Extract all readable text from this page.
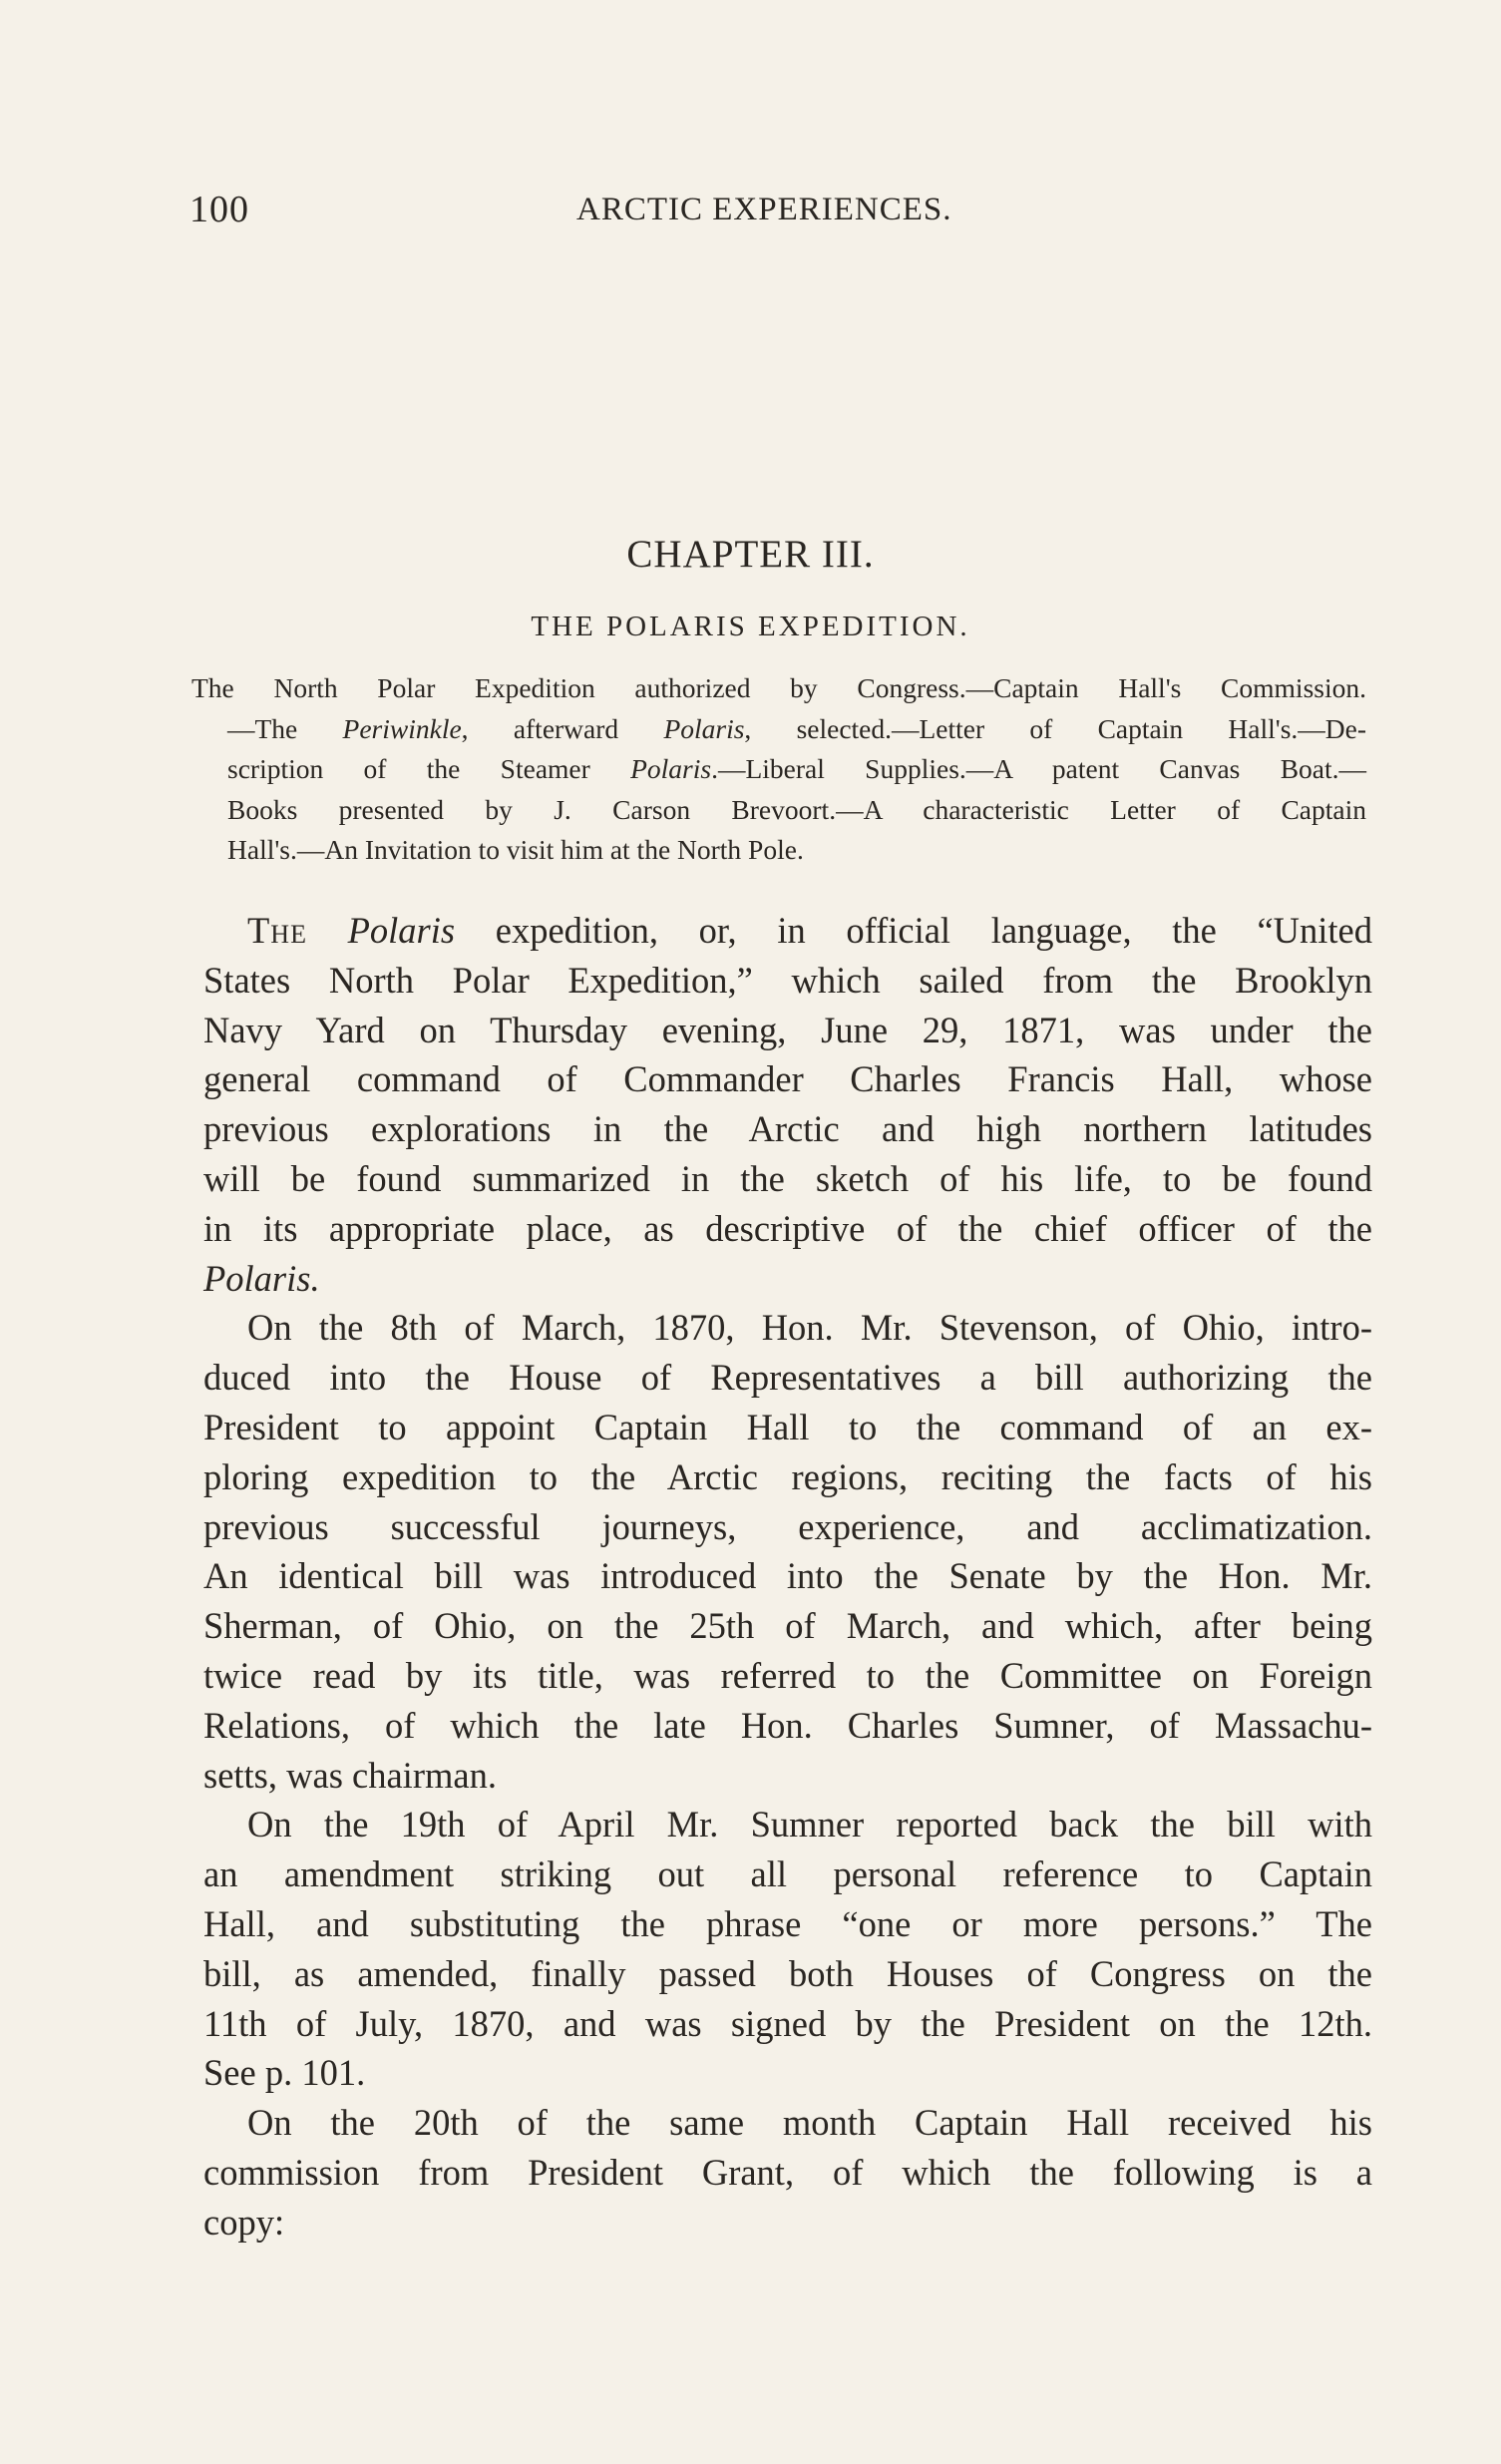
100	ARCTIC EXPERIENCES.
CHAPTER III.
THE POLARIS EXPEDITION.
The North Polar Expedition authorized by Congress.—Captain Hall's Commission.
—The Periwinkle, afterward Polaris, selected.—Letter of Captain Hall's.—De-
scription of the Steamer Polaris.—Liberal Supplies.—A patent Canvas Boat.—
Books presented by J. Carson Brevoort.—A characteristic Letter of Captain
Hall's.—An Invitation to visit him at the North Pole.
The Polaris expedition, or, in official language, the “United
States North Polar Expedition,” which sailed from the Brooklyn
Navy Yard on Thursday evening, June 29, 1871, was under the
general command of Commander Charles Francis Hall, whose
previous explorations in the Arctic and high northern latitudes
will be found summarized in the sketch of his life, to be found
in its appropriate place, as descriptive of the chief officer of the
Polaris.
On the 8th of March, 1870, Hon. Mr. Stevenson, of Ohio, intro-
duced into the House of Representatives a bill authorizing the
President to appoint Captain Hall to the command of an ex-
ploring expedition to the Arctic regions, reciting the facts of his
previous successful journeys, experience, and acclimatization.
An identical bill was introduced into the Senate by the Hon. Mr.
Sherman, of Ohio, on the 25th of March, and which, after being
twice read by its title, was referred to the Committee on Foreign
Relations, of which the late Hon. Charles Sumner, of Massachu-
setts, was chairman.
On the 19th of April Mr. Sumner reported back the bill with
an amendment striking out all personal reference to Captain
Hall, and substituting the phrase “one or more persons.” The
bill, as amended, finally passed both Houses of Congress on the
11th of July, 1870, and was signed by the President on the 12th.
See p. 101.
On the 20th of the same month Captain Hall received his
commission from President Grant, of which the following is a
copy:
